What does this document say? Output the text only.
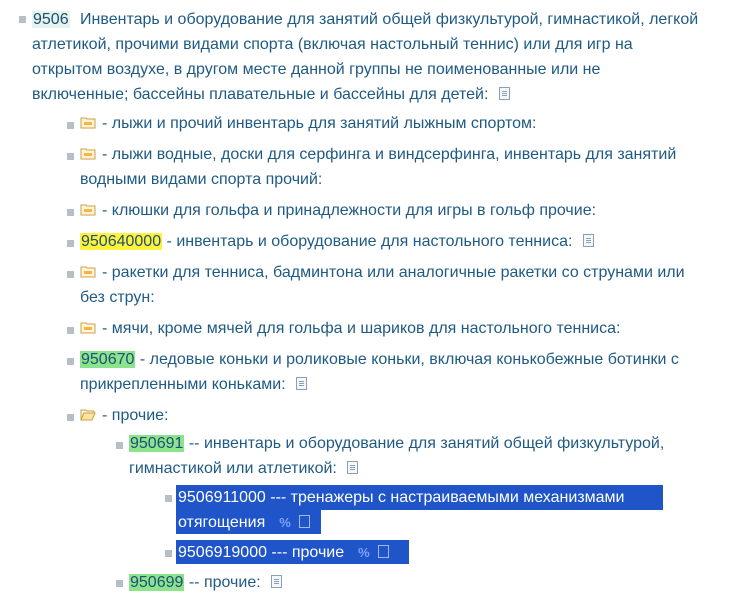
9506 Инвентарь и оборудование для занятий общей физкультурой, гимнастикой, легкой
атлетикой, прочими видами спорта (включая настольный теннис) или для игр на
открытом воздухе, в другом месте данной группы не поименованные или не
включенные; бассейны плавательные и бассейны для детей:
- лыжи и прочий инвентарь для занятий лыжным спортом:
- лыжи водные, доски для серфинга и виндсерфинга, инвентарь для занятий
водными видами спорта прочий:
- клюшки для гольфа и принадлежности для игры в гольф прочие:
950640000 - инвентарь и оборудование для настольного тенниса:
- ракетки для тенниса, бадминтона или аналогичные ракетки со струнами или
без струн:
- мячи, кроме мячей для гольфа и шариков для настольного тенниса:
950670 - ледовые коньки и роликовые коньки, включая конькобежные ботинки с
прикрепленными коньками:
- прочие:
950691 -- инвентарь и оборудование для занятий общей физкультурой,
гимнастикой или атлетикой:
9506911000 --- тренажеры с настраиваемыми механизмами
отягощения %
9506919000 --- прочие %
950699 -- прочие:
